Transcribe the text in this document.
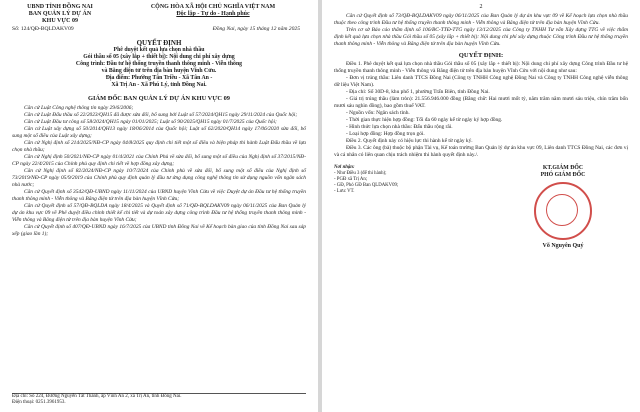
UBND TỈNH ĐỒNG NAI
BAN QUẢN LÝ DỰ ÁN
KHU VỰC 09
CỘNG HÒA XÃ HỘI CHỦ NGHĨA VIỆT NAM
Độc lập - Tự do - Hạnh phúc
Số: 124/QĐ-BQLDAKV09	Đồng Nai, ngày 15 tháng 12 năm 2025
QUYẾT ĐỊNH
Phê duyệt kết quả lựa chọn nhà thầu
Gói thầu số 05 (xây lắp + thiết bị): Nội dung chi phí xây dựng
Công trình: Đầu tư hệ thống truyền thanh thông minh - Viễn thông
và Băng điện tử trên địa bàn huyện Vĩnh Cửu.
Địa điểm: Phường Tân Triều - Xã Tân An -
Xã Trị An - Xã Phú Lý, tỉnh Đồng Nai.
GIÁM ĐỐC BAN QUẢN LÝ DỰ ÁN KHU VỰC 09

Căn cứ Luật Công nghệ thông tin ngày 29/6/2006;

Căn cứ Luật Đấu thầu số 22/2023/QH15 đã được sửa đổi, bổ sung bởi Luật số 57/2024/QH15 ngày 29/11/2024 của Quốc hội;

Căn cứ Luật Đầu tư công số 58/2024/QH15 ngày 01/01/2025; Luật số 90/2025/QH15 ngày 01/7/2025 của Quốc hội;

Căn cứ Luật xây dựng số 50/2014/QH13 ngày 18/06/2014 của Quốc hội; Luật số 62/2020/QH14 ngày 17/06/2020 sửa đổi, bổ sung một số điều của Luật xây dựng;

Căn cứ Nghị định số 214/2025/NĐ-CP ngày 04/8/2025 quy định chi tiết một số điều và biện pháp thi hành Luật Đấu thầu về lựa chọn nhà thầu;

Căn cứ Nghị định 50/2021/NĐ-CP ngày 01/4/2021 của Chính Phủ về sửa đổi, bổ sung một số điều của Nghị định số 37/2015/NĐ-CP ngày 22/4/2015 của Chính phủ quy định chi tiết về hợp đồng xây dựng;

Căn cứ Nghị định số 82/2024/NĐ-CP ngày 10/7/2024 của Chính phủ về sửa đổi, bổ sung một số điều của Nghị định số 73/2019/NĐ-CP ngày 05/9/2019 của Chính phủ quy định quản lý đầu tư ứng dụng công nghệ thông tin sử dụng nguồn vốn ngân sách nhà nước;

Căn cứ Quyết định số 3542/QĐ-UBND ngày 11/11/2024 của UBND huyện Vĩnh Cửu về việc Duyệt dự án Đầu tư hệ thống truyền thanh thông minh - Viễn thông và Băng điện tử trên địa bàn huyện Vĩnh Cửu;

Căn cứ Quyết định số 57/QĐ-BQLDA ngày 18/4/2025 và Quyết định số 71/QĐ-BQLDAKV09 ngày 06/11/2025 của Ban Quản lý dự án khu vực 09 về Phê duyệt điều chỉnh thiết kế chi tiết và dự toán xây dựng công trình Đầu tư hệ thống truyền thanh thông minh - Viễn thông và Băng điện tử trên địa bàn huyện Vĩnh Cửu;

Căn cứ Quyết định số 407/QĐ-UBND ngày 16/7/2025 của UBND tỉnh Đồng Nai về Kế hoạch bàn giao của tỉnh Đồng Nai sau sáp xếp (giao lần 1);

Địa chỉ: Số 224, Đường Nguyễn Tất Thành, ấp Vĩnh An 2, xã Trị An, tỉnh Đồng Nai.
Điện thoại: 0251.3961953.
2

Căn cứ Quyết định số 73/QĐ-BQLDAKV09 ngày 06/11/2025 của Ban Quản lý dự án khu vực 09 về Kế hoạch lựa chọn nhà thầu thuộc theo công trình Đầu tư hệ thống truyền thanh thông minh - Viễn thông và Băng điện tử trên địa bàn huyện Vĩnh Cửu.

Trên cơ sở Báo cáo thẩm định số 106/BC-TTĐ-TTG ngày 13/12/2025 của Công ty TNHH Tư vấn Xây dựng TTG về việc thẩm định kết quả lựa chọn nhà thầu Gói thầu số 05 (xây lắp + thiết bị): Nội dung chi phí xây dựng thuộc Công trình Đầu tư hệ thống truyền thanh thông minh - Viễn thông và Băng điện tử trên địa bàn huyện Vĩnh Cửu.

QUYẾT ĐỊNH:

Điều 1. Phê duyệt kết quả lựa chọn nhà thầu Gói thầu số 05 (xây lắp + thiết bị): Nội dung chi phí xây dựng Công trình Đầu tư hệ thống truyền thanh thông minh - Viễn thông và Băng điện tử trên địa bàn huyện Vĩnh Cửu với nội dung như sau:

- Đơn vị trúng thầu: Liên danh TTCS Đồng Nai (Công ty TNHH Công nghệ Đồng Nai và Công ty TNHH Công nghệ viễn thông dữ liệu Việt Nam).

- Địa chỉ: Số 30D-8, khu phố 1, phường Trấn Biên, tỉnh Đồng Nai.

- Giá trị trúng thầu (làm tròn): 21.556.946.000 đồng (Bằng chữ: Hai mươi mốt tỷ, năm trăm năm mươi sáu triệu, chín trăm bốn mươi sáu nghìn đồng), bao gồm thuế VAT.

- Nguồn vốn: Ngân sách tỉnh.

- Thời gian thực hiện hợp đồng: Tối đa 60 ngày kể từ ngày ký hợp đồng.

- Hình thức lựa chọn nhà thầu: Đấu thầu rộng rãi.

- Loại hợp đồng: Hợp đồng trọn gói.

Điều 2. Quyết định này có hiệu lực thi hành kể từ ngày ký.

Điều 3. Các ông (bà) thuộc bộ phận Tài vụ, Kế toán trường Ban Quản lý dự án khu vực 09, Liên danh TTCS Đồng Nai, các đơn vị và cá nhân có liên quan chịu trách nhiệm thi hành quyết định này./.

Nơi nhận:
- Như Điều 3 (để thi hành);
- PGĐ xã Trị An;
- GĐ, Phó GĐ Ban QLDAKV09;
- Lưu: VT.
KT.GIÁM ĐỐC
PHÓ GIÁM ĐỐC
Võ Nguyên Quý
